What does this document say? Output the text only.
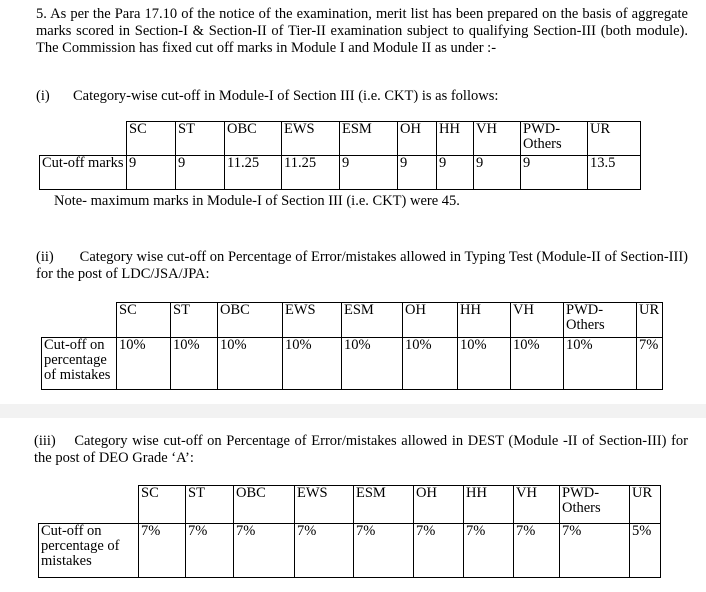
5. As per the Para 17.10 of the notice of the examination, merit list has been prepared on the basis of aggregate marks scored in Section-I & Section-II of Tier-II examination subject to qualifying Section-III (both module). The Commission has fixed cut off marks in Module I and Module II as under :-
(i) Category-wise cut-off in Module-I of Section III (i.e. CKT) is as follows:
	SC	ST	OBC	EWS	ESM	OH	HH	VH	PWD-Others	UR
Cut-off marks	9	9	11.25	11.25	9	9	9	9	9	13.5
Note- maximum marks in Module-I of Section III (i.e. CKT) were 45.
(ii)       Category wise cut-off on Percentage of Error/mistakes allowed in Typing Test (Module-II of Section-III) for the post of LDC/JSA/JPA:
	SC	ST	OBC	EWS	ESM	OH	HH	VH	PWD-Others	UR
Cut-off on percentage of mistakes	10%	10%	10%	10%	10%	10%	10%	10%	10%	7%
(iii)    Category wise cut-off on Percentage of Error/mistakes allowed in DEST (Module -II of Section-III) for the post of DEO Grade ‘A’:
	SC	ST	OBC	EWS	ESM	OH	HH	VH	PWD-Others	UR
Cut-off on percentage of mistakes	7%	7%	7%	7%	7%	7%	7%	7%	7%	5%
